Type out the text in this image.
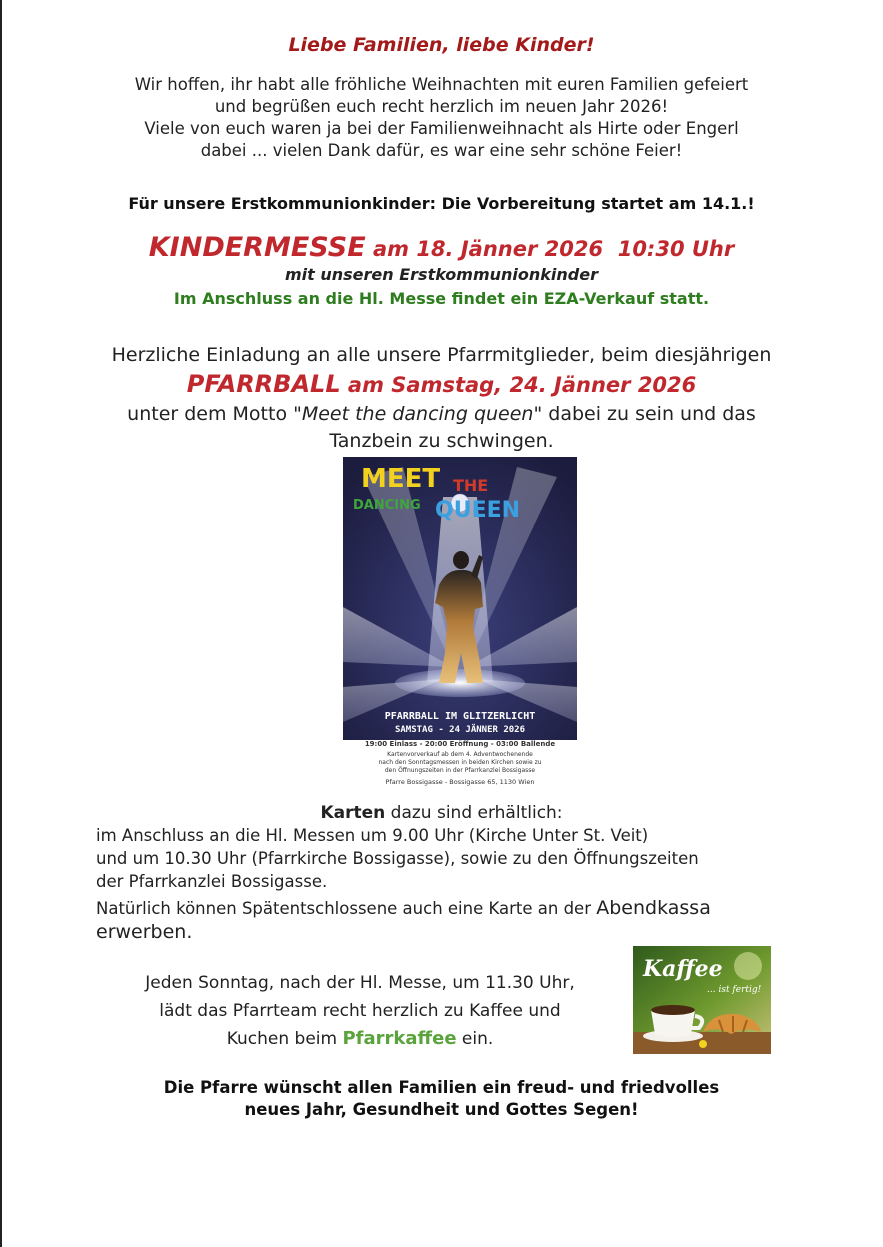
Liebe Familien, liebe Kinder!
Wir hoffen, ihr habt alle fröhliche Weihnachten mit euren Familien gefeiert
und begrüßen euch recht herzlich im neuen Jahr 2026!
Viele von euch waren ja bei der Familienweihnacht als Hirte oder Engerl
dabei ... vielen Dank dafür, es war eine sehr schöne Feier!
Für unsere Erstkommunionkinder: Die Vorbereitung startet am 14.1.!
KINDERMESSE am 18. Jänner 2026  10:30 Uhr
mit unseren Erstkommunionkinder
Im Anschluss an die Hl. Messe findet ein EZA-Verkauf statt.
Herzliche Einladung an alle unsere Pfarrmitglieder, beim diesjährigen
PFARRBALL am Samstag, 24. Jänner 2026
unter dem Motto "Meet the dancing queen" dabei zu sein und das
Tanzbein zu schwingen.
MEET THE
DANCING QUEEN
PFARRBALL IM GLITZERLICHT
SAMSTAG - 24 JÄNNER 2026
19:00 Einlass - 20:00 Eröffnung - 03:00 Ballende
Kartenvorverkauf ab dem 4. Adventwochenende
nach den Sonntagsmessen in beiden Kirchen sowie zu
den Öffnungszeiten in der Pfarrkanzlei Bossigasse
Pfarre Bossigasse - Bossigasse 65, 1130 Wien
Karten dazu sind erhältlich:
im Anschluss an die Hl. Messen um 9.00 Uhr (Kirche Unter St. Veit)
und um 10.30 Uhr (Pfarrkirche Bossigasse), sowie zu den Öffnungszeiten
der Pfarrkanzlei Bossigasse.
Natürlich können Spätentschlossene auch eine Karte an der Abendkassa
erwerben.
Jeden Sonntag, nach der Hl. Messe, um 11.30 Uhr,
lädt das Pfarrteam recht herzlich zu Kaffee und
Kuchen beim Pfarrkaffee ein.
Kaffee
... ist fertig!
Die Pfarre wünscht allen Familien ein freud- und friedvolles
neues Jahr, Gesundheit und Gottes Segen!
